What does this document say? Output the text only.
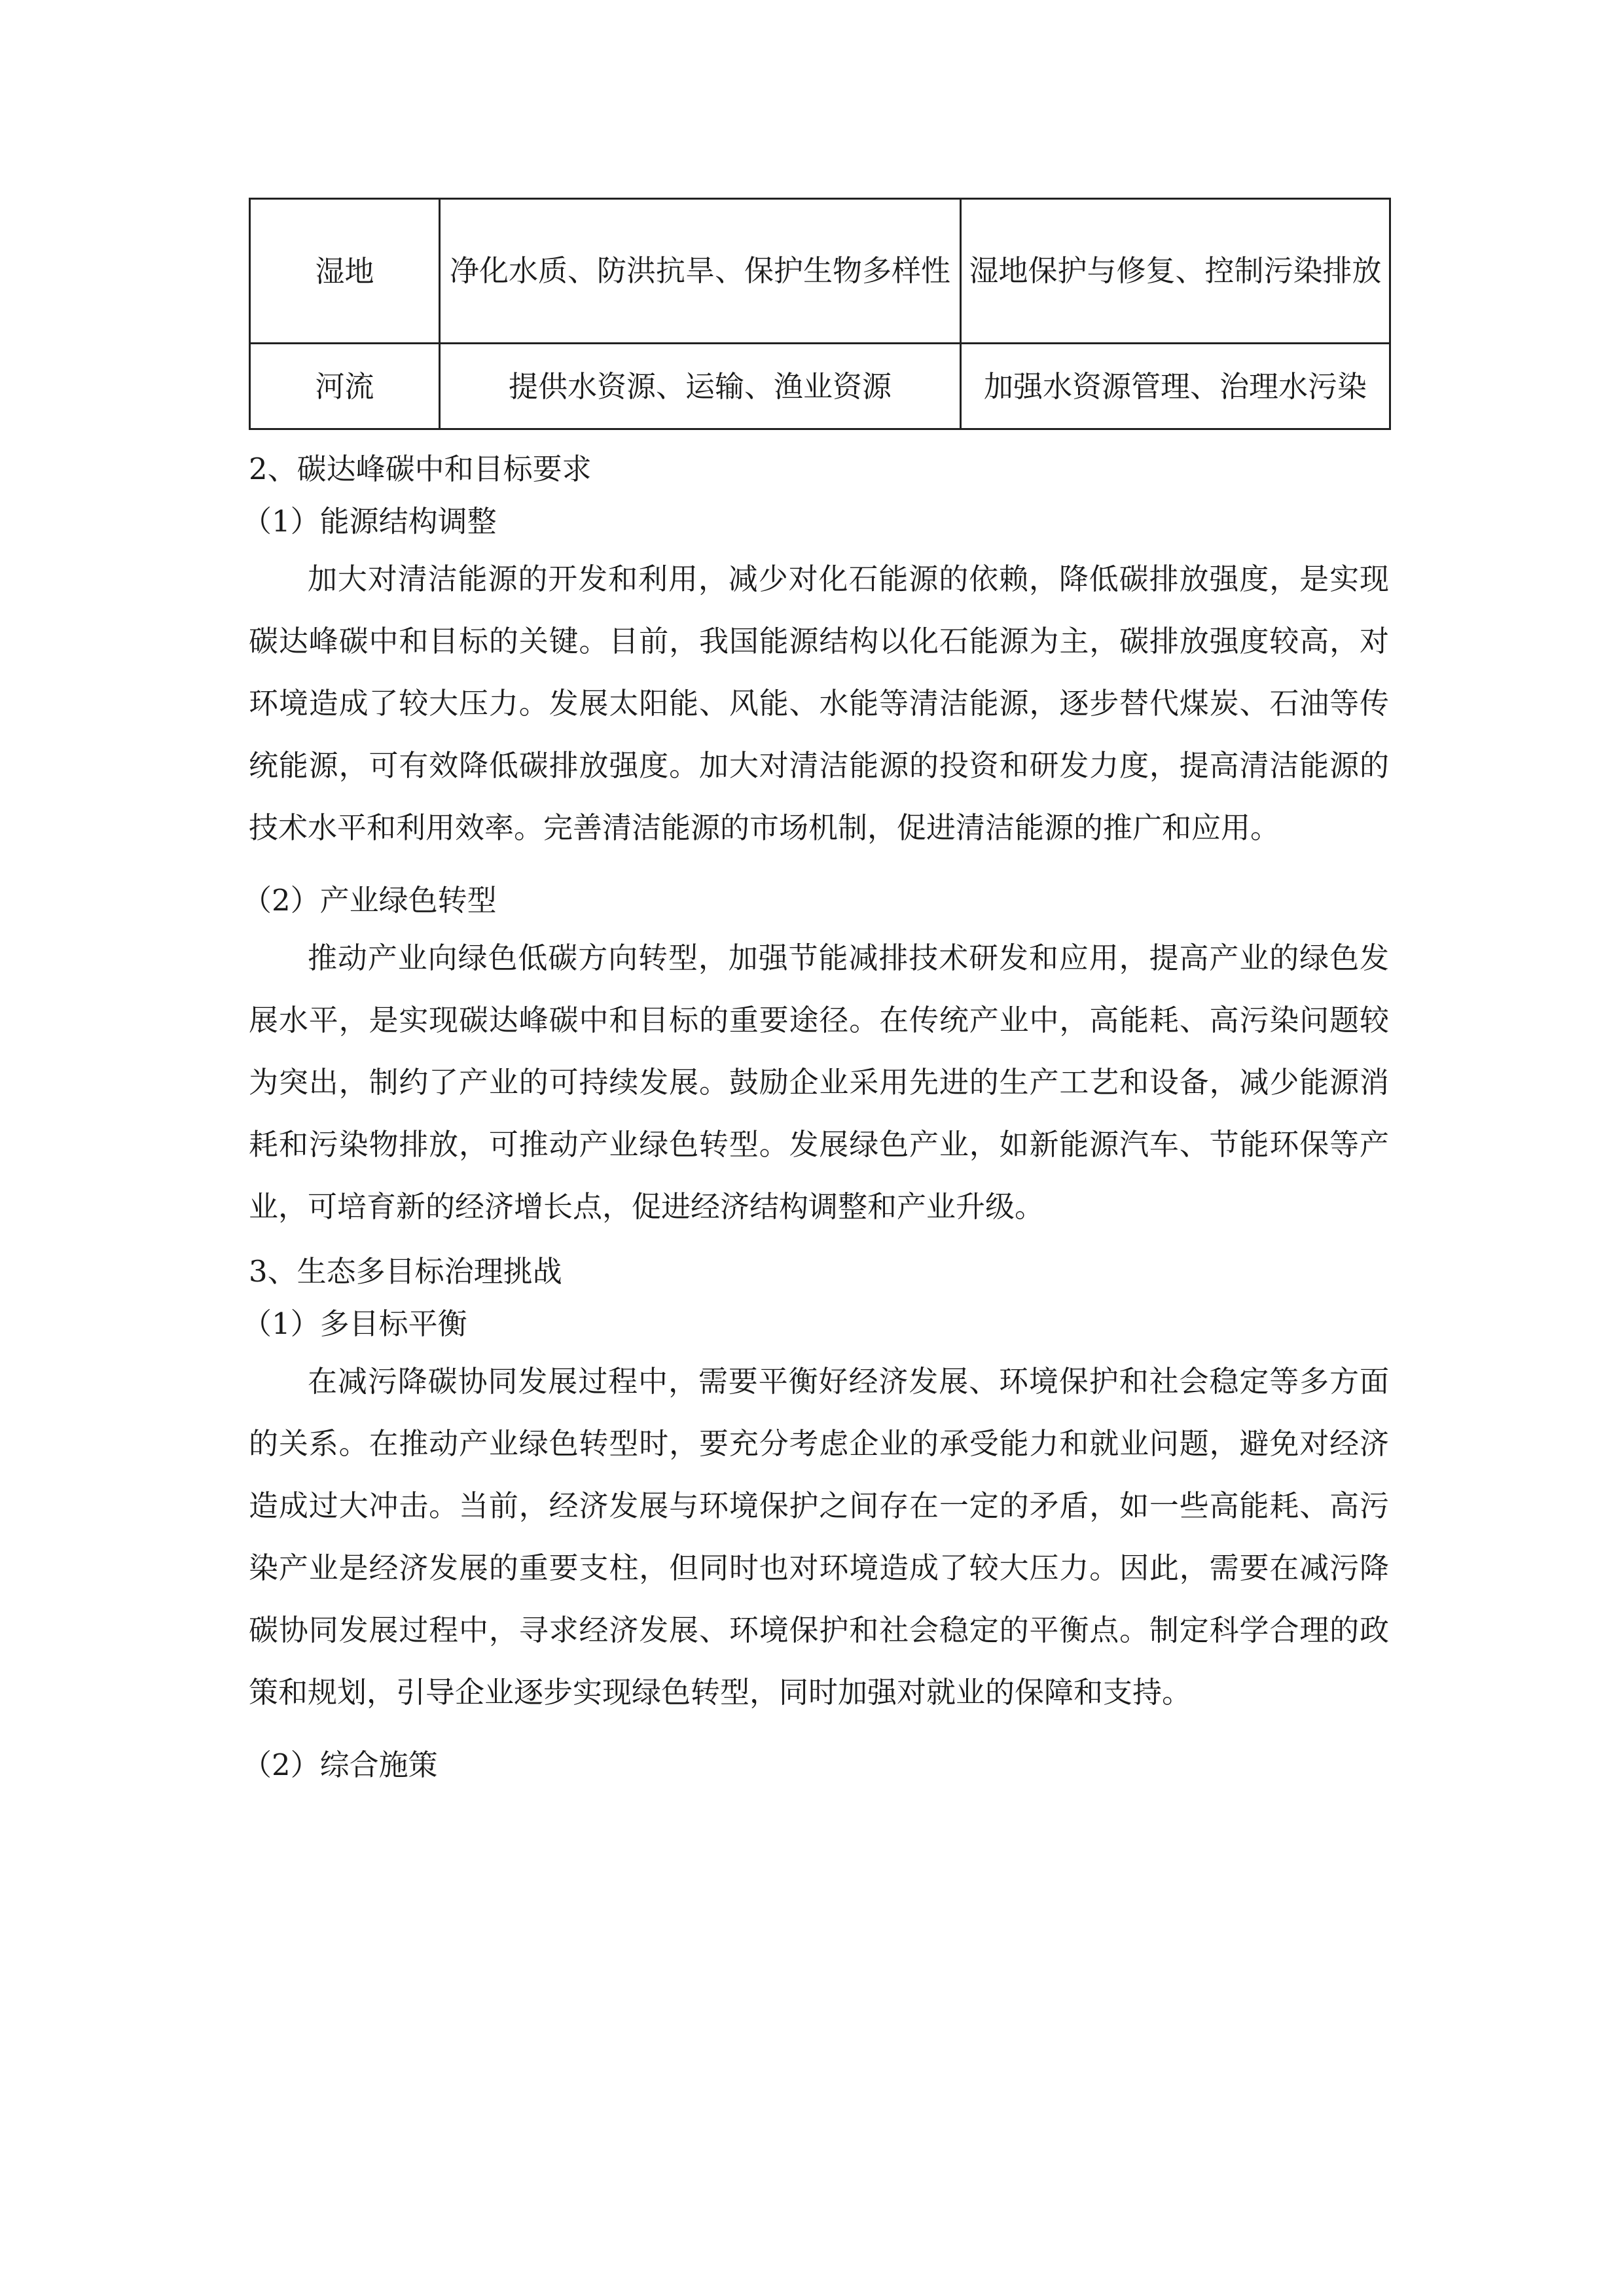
湿地	净化水质、防洪抗旱、保护生物多样性	湿地保护与修复、控制污染排放

河流	提供水资源、运输、渔业资源	加强水资源管理、治理水污染

2、碳达峰碳中和目标要求

（1）能源结构调整

加大对清洁能源的开发和利用，减少对化石能源的依赖，降低碳排放强度，是实现碳达峰碳中和目标的关键。目前，我国能源结构以化石能源为主，碳排放强度较高，对环境造成了较大压力。发展太阳能、风能、水能等清洁能源，逐步替代煤炭、石油等传统能源，可有效降低碳排放强度。加大对清洁能源的投资和研发力度，提高清洁能源的技术水平和利用效率。完善清洁能源的市场机制，促进清洁能源的推广和应用。

（2）产业绿色转型

推动产业向绿色低碳方向转型，加强节能减排技术研发和应用，提高产业的绿色发展水平，是实现碳达峰碳中和目标的重要途径。在传统产业中，高能耗、高污染问题较为突出，制约了产业的可持续发展。鼓励企业采用先进的生产工艺和设备，减少能源消耗和污染物排放，可推动产业绿色转型。发展绿色产业，如新能源汽车、节能环保等产业，可培育新的经济增长点，促进经济结构调整和产业升级。

3、生态多目标治理挑战

（1）多目标平衡

在减污降碳协同发展过程中，需要平衡好经济发展、环境保护和社会稳定等多方面的关系。在推动产业绿色转型时，要充分考虑企业的承受能力和就业问题，避免对经济造成过大冲击。当前，经济发展与环境保护之间存在一定的矛盾，如一些高能耗、高污染产业是经济发展的重要支柱，但同时也对环境造成了较大压力。因此，需要在减污降碳协同发展过程中，寻求经济发展、环境保护和社会稳定的平衡点。制定科学合理的政策和规划，引导企业逐步实现绿色转型，同时加强对就业的保障和支持。

（2）综合施策
